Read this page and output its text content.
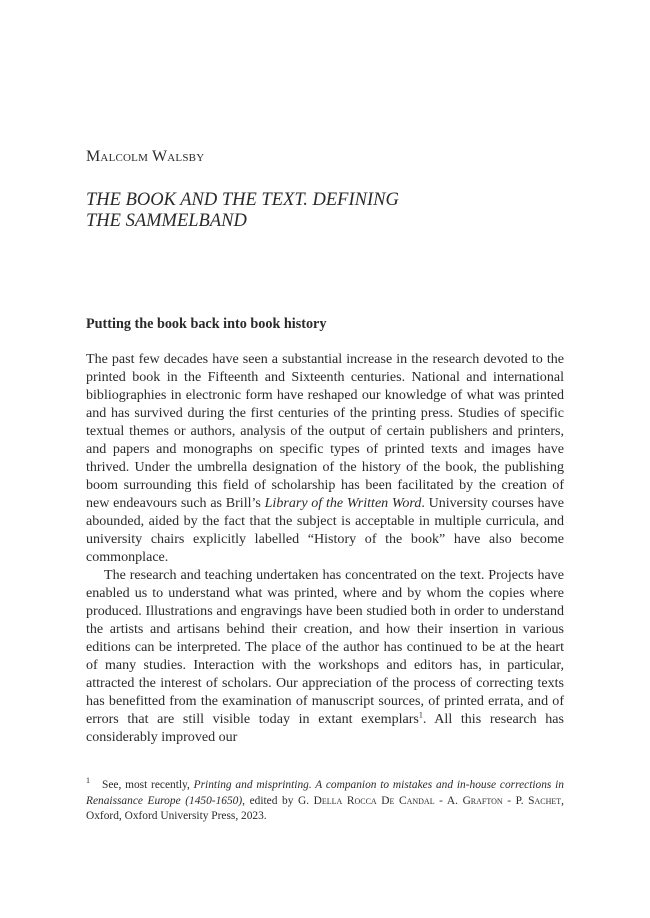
Malcolm Walsby
THE BOOK AND THE TEXT. DEFINING
THE SAMMELBAND
Putting the book back into book history

The past few decades have seen a substantial increase in the research devoted to the printed book in the Fifteenth and Sixteenth centuries. National and international bibliographies in electronic form have reshaped our knowledge of what was printed and has survived during the first centuries of the printing press. Studies of specific textual themes or authors, analysis of the output of certain publishers and printers, and papers and monographs on specific types of printed texts and images have thrived. Under the umbrella designation of the history of the book, the publishing boom surrounding this field of scholarship has been facilitated by the creation of new endeavours such as Brill’s Library of the Written Word. University courses have abounded, aided by the fact that the subject is acceptable in multiple curricula, and university chairs explicitly labelled “History of the book” have also become commonplace.

The research and teaching undertaken has concentrated on the text. Projects have enabled us to understand what was printed, where and by whom the copies where produced. Illustrations and engravings have been studied both in order to understand the artists and artisans behind their creation, and how their insertion in various editions can be interpreted. The place of the author has continued to be at the heart of many studies. Interaction with the workshops and editors has, in particular, attracted the interest of scholars. Our appreciation of the process of correcting texts has benefitted from the examination of manuscript sources, of printed errata, and of errors that are still visible today in extant exemplars$^1$. All this research has considerably improved our

1 See, most recently, Printing and misprinting. A companion to mistakes and in-house corrections in Renaissance Europe (1450-1650), edited by G. Della Rocca De Candal - A. Grafton - P. Sachet, Oxford, Oxford University Press, 2023.
